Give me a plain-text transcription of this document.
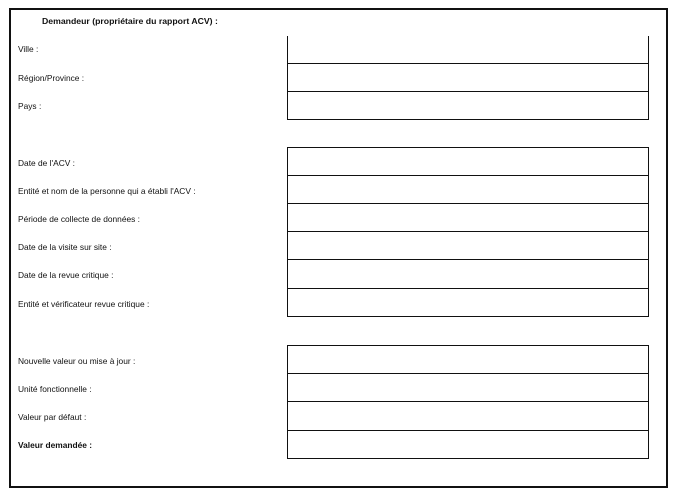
Demandeur (propriétaire du rapport ACV) :
Ville :
Région/Province :
Pays :
Date de l'ACV :
Entité et nom de la personne qui a établi l'ACV :
Période de collecte de données :
Date de la visite sur site :
Date de la revue critique :
Entité et vérificateur revue critique :
Nouvelle valeur ou mise à jour :
Unité fonctionnelle :
Valeur par défaut :
Valeur demandée :
